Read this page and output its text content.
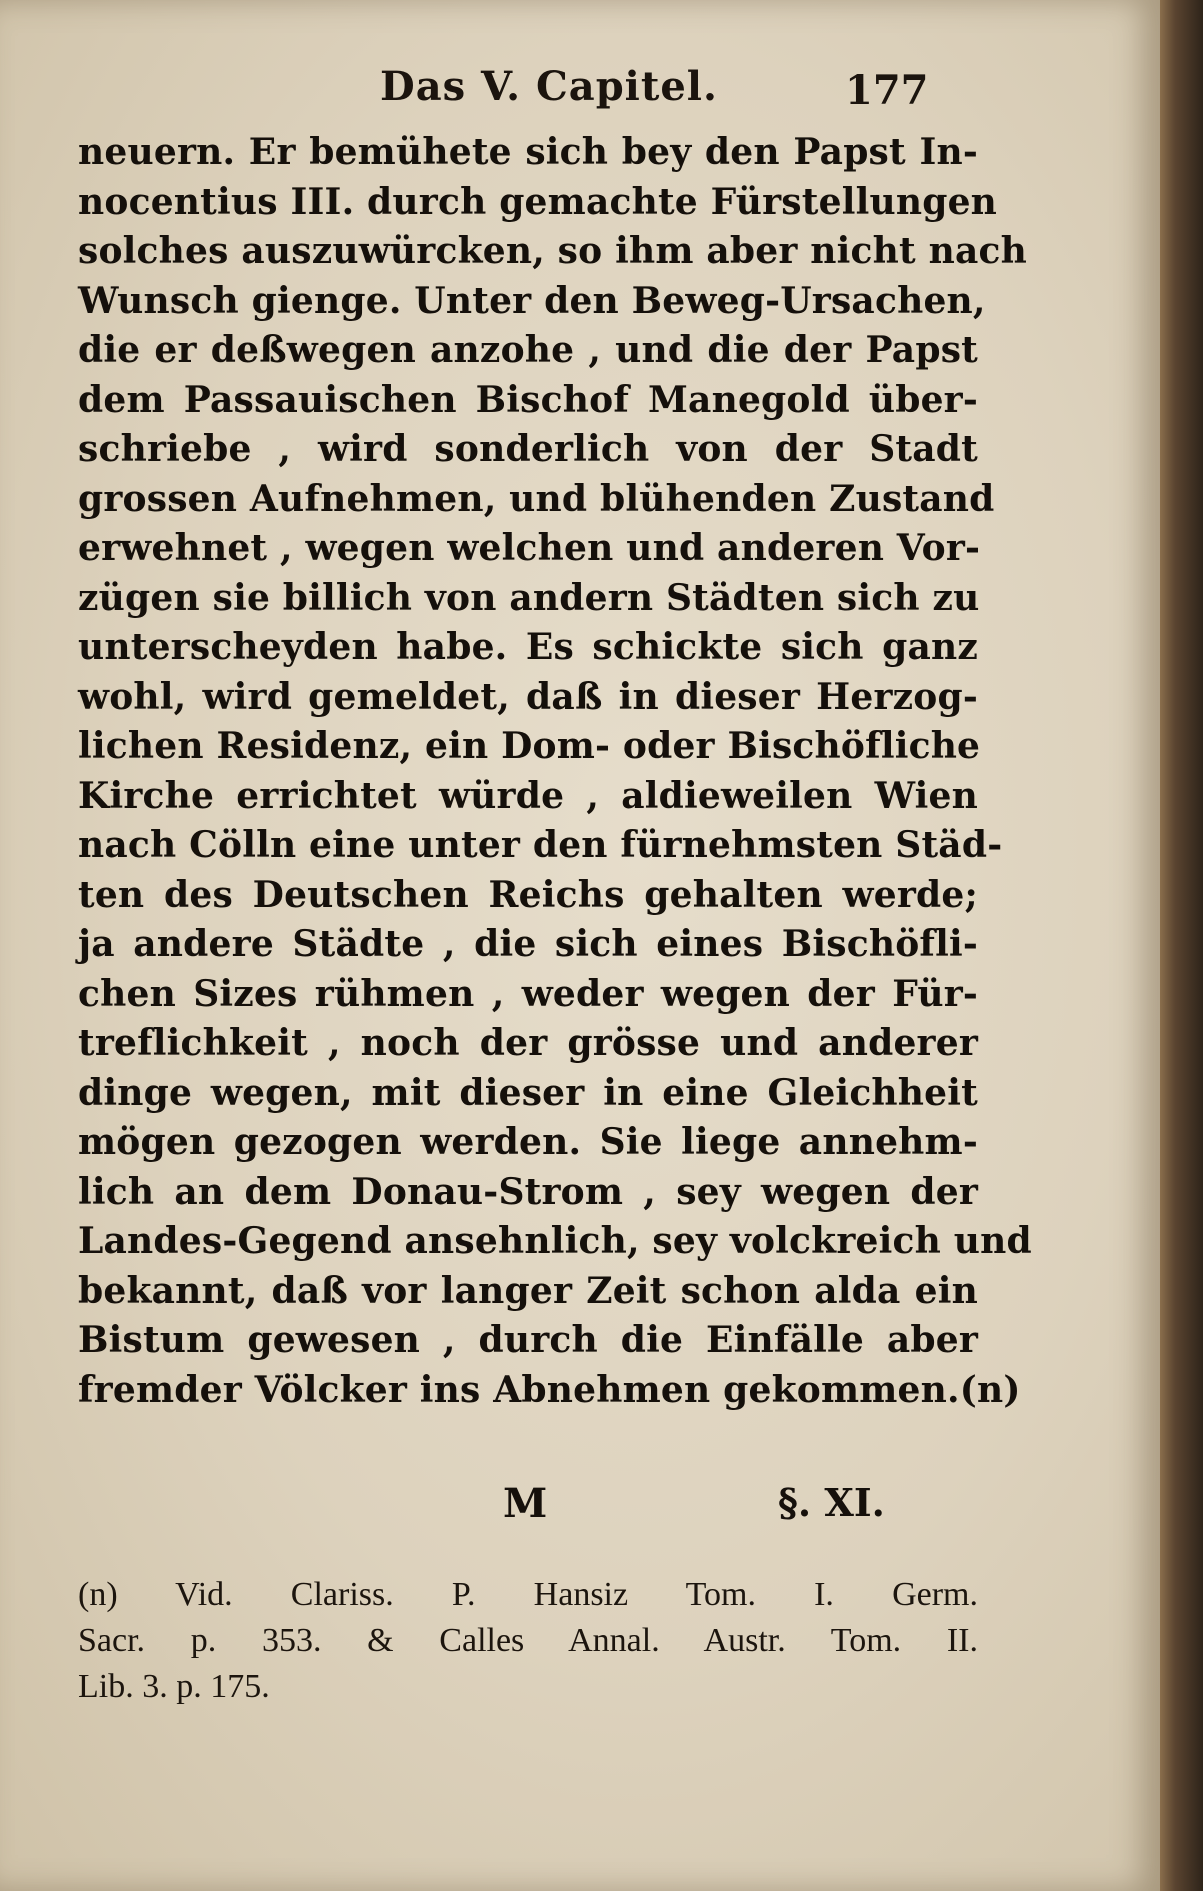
Das V. Capitel.	177
neuern. Er bemühete sich bey den Papst In-
nocentius III. durch gemachte Fürstellungen
solches auszuwürcken, so ihm aber nicht nach
Wunsch gienge. Unter den Beweg-Ursachen,
die er deßwegen anzohe , und die der Papst
dem Passauischen Bischof Manegold über-
schriebe , wird sonderlich von der Stadt
grossen Aufnehmen, und blühenden Zustand
erwehnet , wegen welchen und anderen Vor-
zügen sie billich von andern Städten sich zu
unterscheyden habe. Es schickte sich ganz
wohl, wird gemeldet, daß in dieser Herzog-
lichen Residenz, ein Dom- oder Bischöfliche
Kirche errichtet würde , aldieweilen Wien
nach Cölln eine unter den fürnehmsten Städ-
ten des Deutschen Reichs gehalten werde;
ja andere Städte , die sich eines Bischöfli-
chen Sizes rühmen , weder wegen der Für-
treflichkeit , noch der grösse und anderer
dinge wegen, mit dieser in eine Gleichheit
mögen gezogen werden. Sie liege annehm-
lich an dem Donau-Strom , sey wegen der
Landes-Gegend ansehnlich, sey volckreich und
bekannt, daß vor langer Zeit schon alda ein
Bistum gewesen , durch die Einfälle aber
fremder Völcker ins Abnehmen gekommen.(n)
M	§. XI.
(n) Vid. Clariss. P. Hansiz Tom. I. Germ.
Sacr. p. 353. & Calles Annal. Austr. Tom. II.
Lib. 3. p. 175.
